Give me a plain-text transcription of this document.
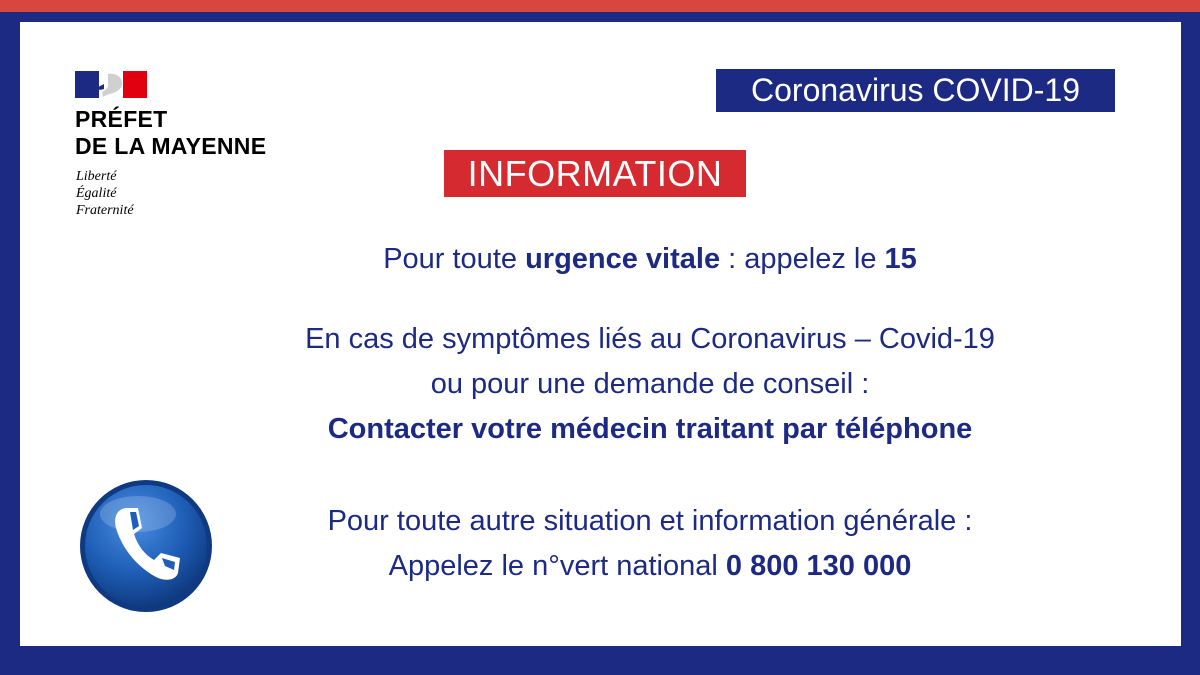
PRÉFET
DE LA MAYENNE
Liberté
Égalité
Fraternité
Coronavirus COVID-19
INFORMATION
Pour toute urgence vitale : appelez le 15
En cas de symptômes liés au Coronavirus – Covid-19
ou pour une demande de conseil :
Contacter votre médecin traitant par téléphone
Pour toute autre situation et information générale :
Appelez le n°vert national 0 800 130 000
